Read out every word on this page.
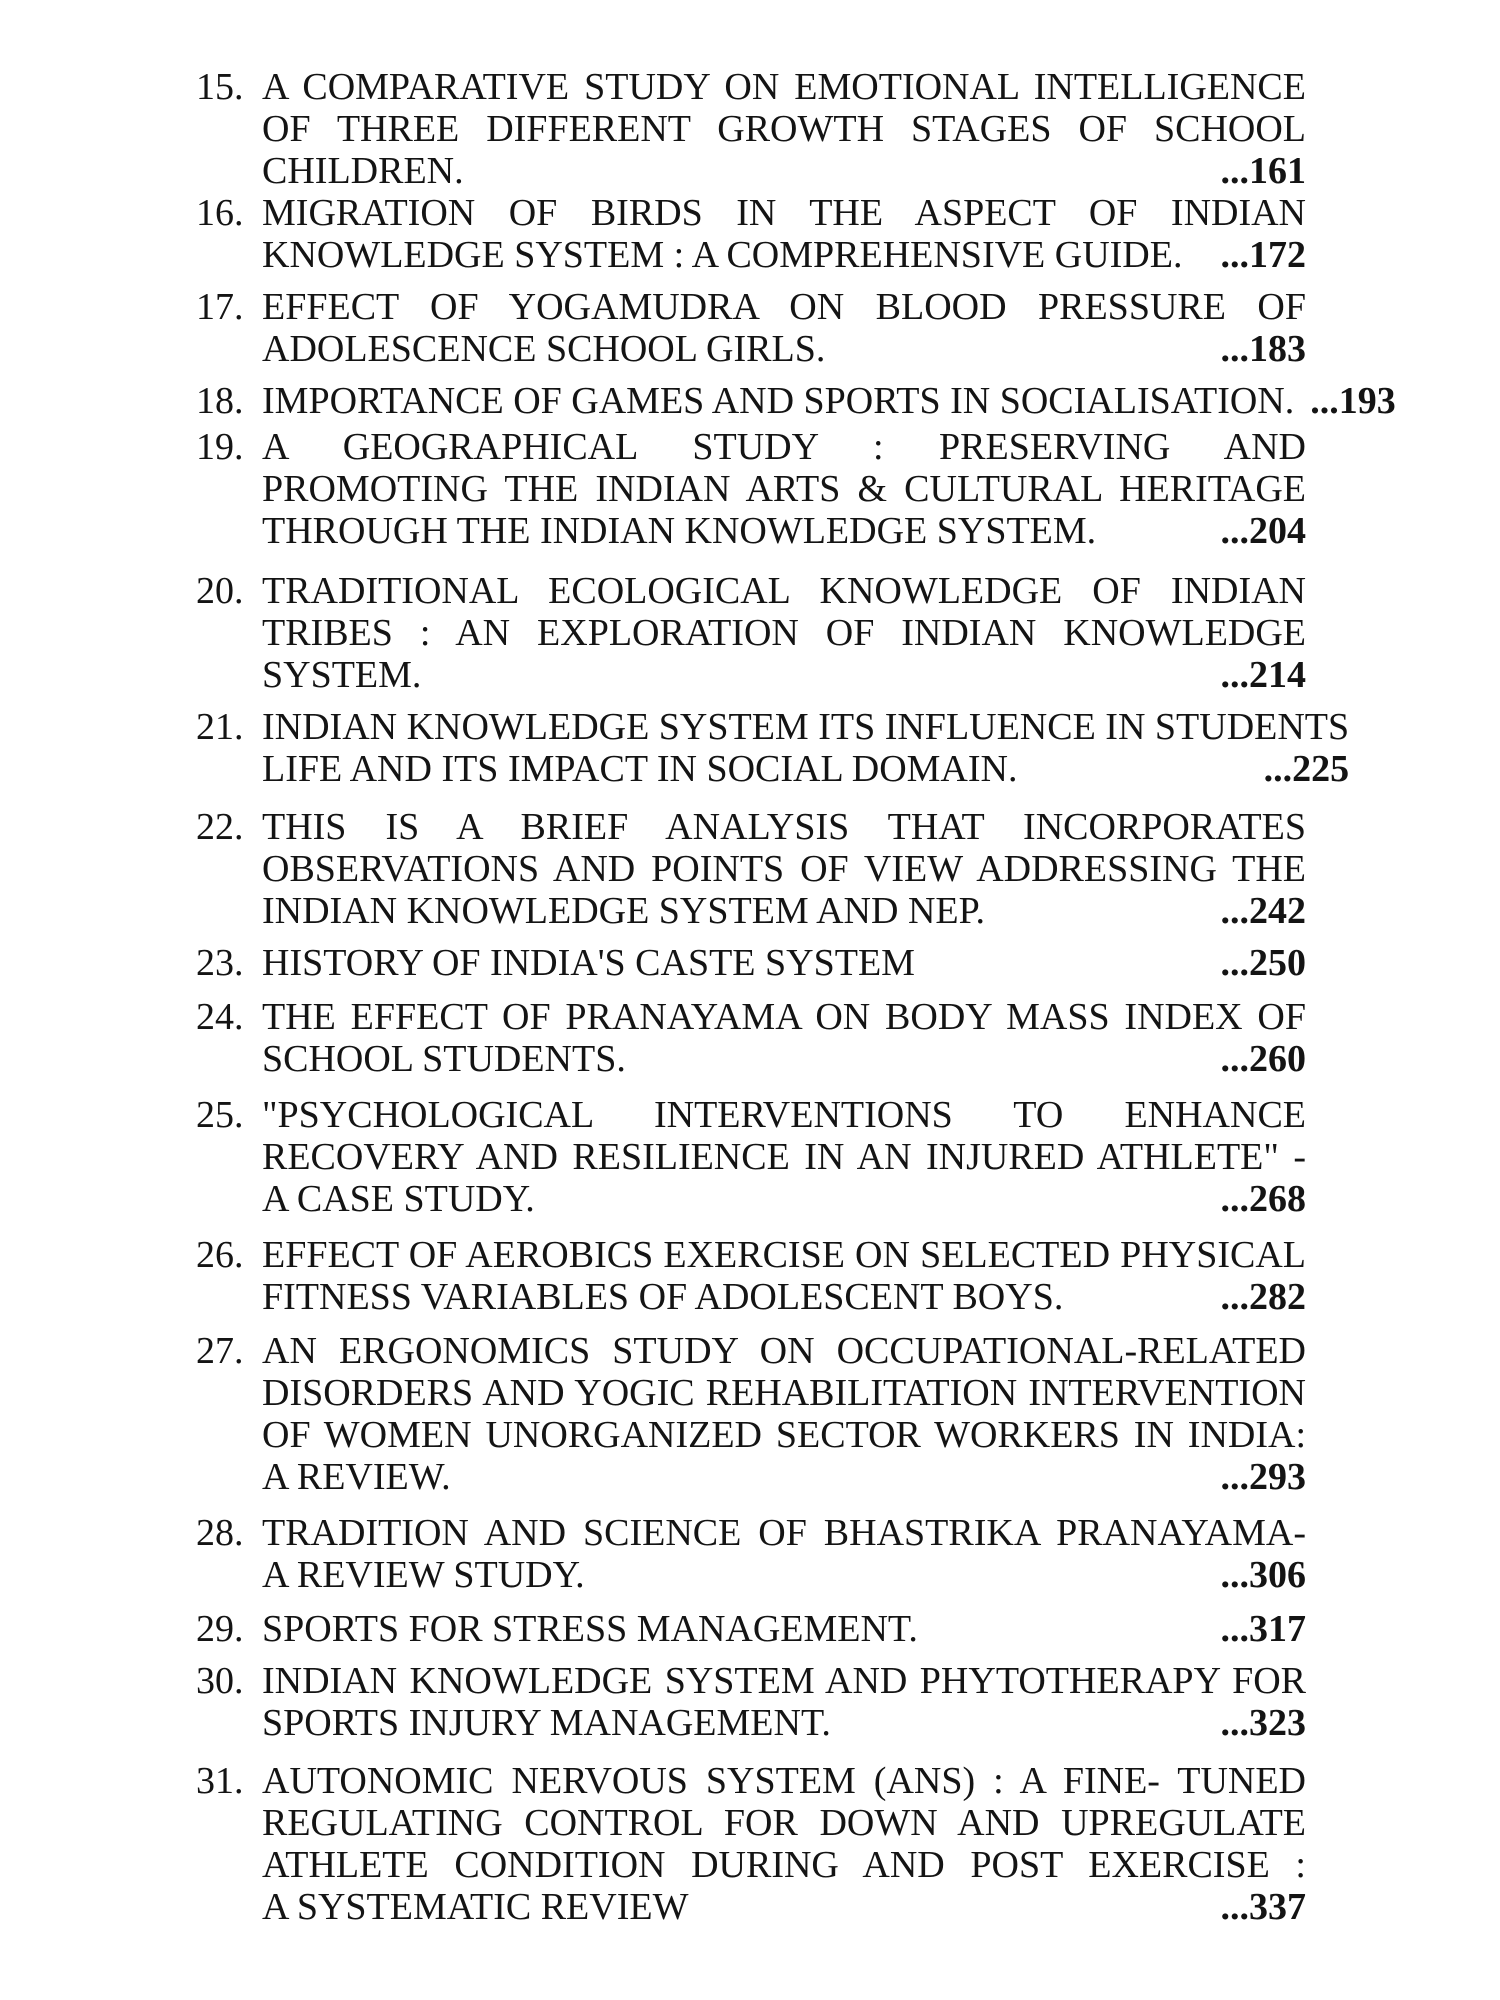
15. A COMPARATIVE STUDY ON EMOTIONAL INTELLIGENCE
OF THREE DIFFERENT GROWTH STAGES OF SCHOOL
CHILDREN.	...161
16. MIGRATION OF BIRDS IN THE ASPECT OF INDIAN
KNOWLEDGE SYSTEM : A COMPREHENSIVE GUIDE. ...172
17. EFFECT OF YOGAMUDRA ON BLOOD PRESSURE OF
ADOLESCENCE SCHOOL GIRLS.	...183
18. IMPORTANCE OF GAMES AND SPORTS IN SOCIALISATION. ...193
19. A GEOGRAPHICAL STUDY : PRESERVING AND
PROMOTING THE INDIAN ARTS & CULTURAL HERITAGE
THROUGH THE INDIAN KNOWLEDGE SYSTEM.	...204
20. TRADITIONAL ECOLOGICAL KNOWLEDGE OF INDIAN
TRIBES : AN EXPLORATION OF INDIAN KNOWLEDGE
SYSTEM.	...214
21. INDIAN KNOWLEDGE SYSTEM ITS INFLUENCE IN STUDENTS
LIFE AND ITS IMPACT IN SOCIAL DOMAIN.	...225
22. THIS IS A BRIEF ANALYSIS THAT INCORPORATES
OBSERVATIONS AND POINTS OF VIEW ADDRESSING THE
INDIAN KNOWLEDGE SYSTEM AND NEP.	...242
23. HISTORY OF INDIA'S CASTE SYSTEM	...250
24. THE EFFECT OF PRANAYAMA ON BODY MASS INDEX OF
SCHOOL STUDENTS.	...260
25. "PSYCHOLOGICAL INTERVENTIONS TO ENHANCE
RECOVERY AND RESILIENCE IN AN INJURED ATHLETE" -
A CASE STUDY.	...268
26. EFFECT OF AEROBICS EXERCISE ON SELECTED PHYSICAL
FITNESS VARIABLES OF ADOLESCENT BOYS.	...282
27. AN ERGONOMICS STUDY ON OCCUPATIONAL-RELATED
DISORDERS AND YOGIC REHABILITATION INTERVENTION
OF WOMEN UNORGANIZED SECTOR WORKERS IN INDIA:
A REVIEW.	...293
28. TRADITION AND SCIENCE OF BHASTRIKA PRANAYAMA-
A REVIEW STUDY.	...306
29. SPORTS FOR STRESS MANAGEMENT.	...317
30. INDIAN KNOWLEDGE SYSTEM AND PHYTOTHERAPY FOR
SPORTS INJURY MANAGEMENT.	...323
31. AUTONOMIC NERVOUS SYSTEM (ANS) : A FINE- TUNED
REGULATING CONTROL FOR DOWN AND UPREGULATE
ATHLETE CONDITION DURING AND POST EXERCISE :
A SYSTEMATIC REVIEW	...337
